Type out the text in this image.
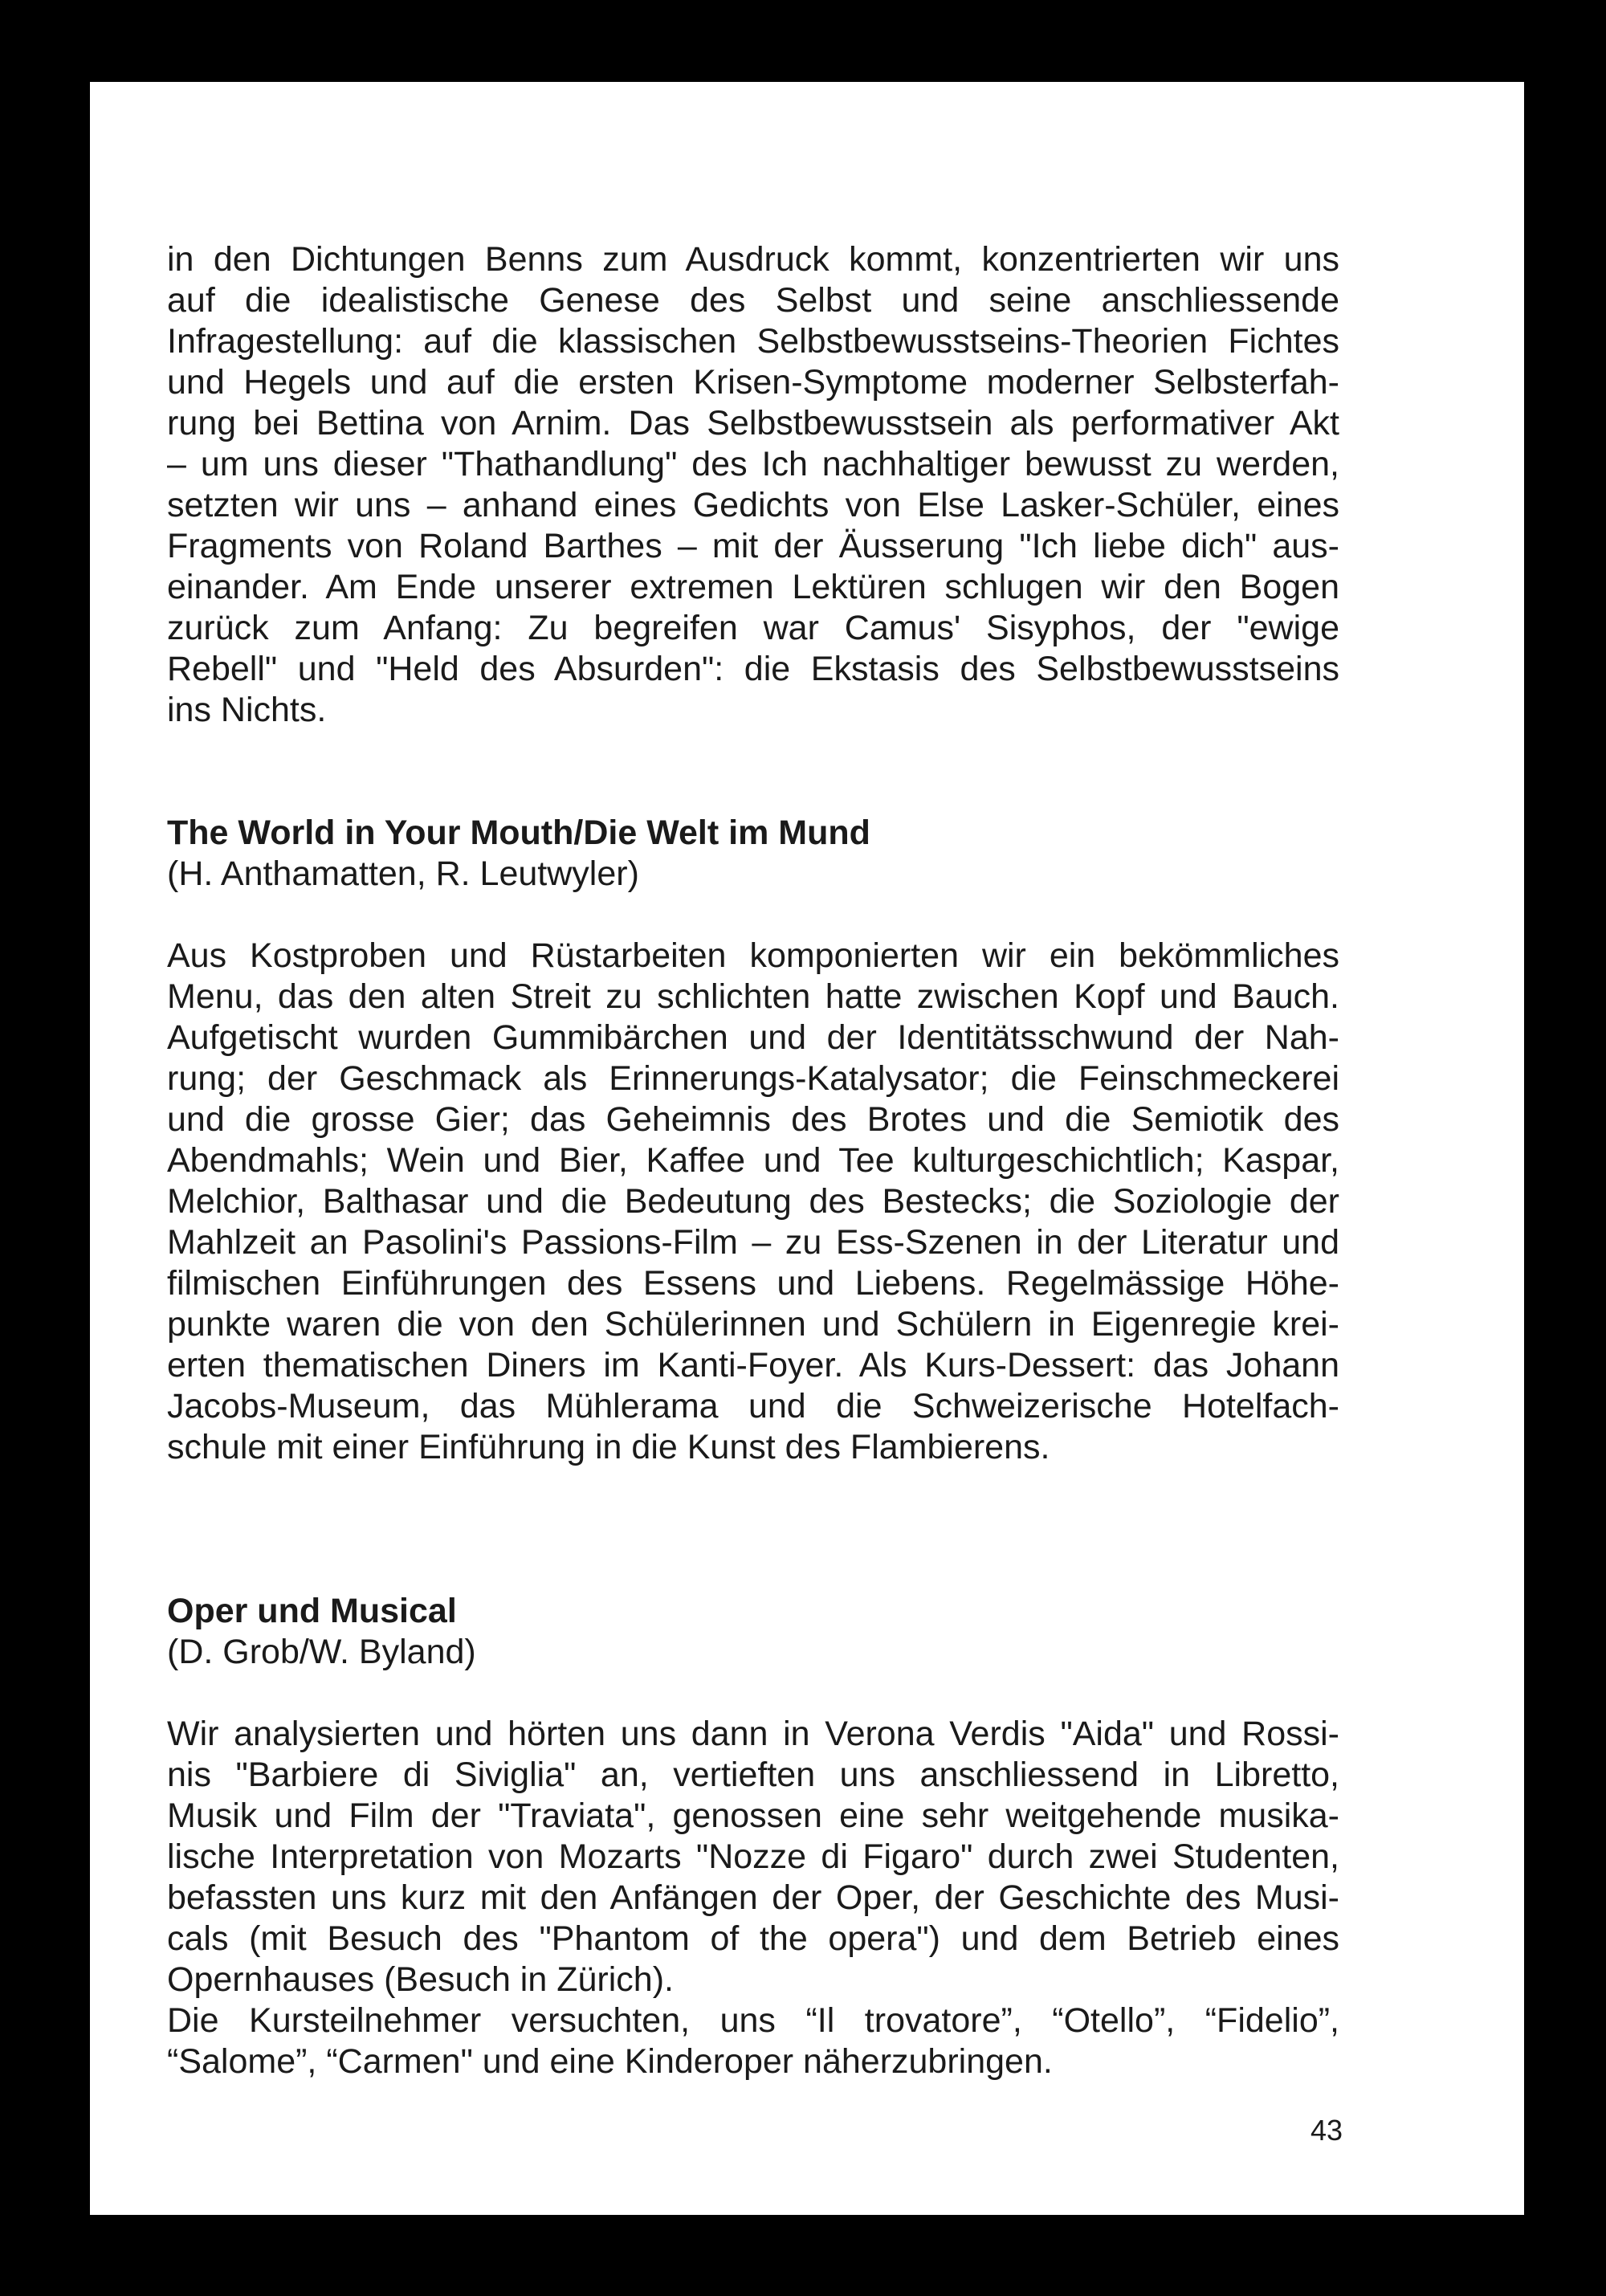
in den Dichtungen Benns zum Ausdruck kommt, konzentrierten wir uns
auf die idealistische Genese des Selbst und seine anschliessende
Infragestellung: auf die klassischen Selbstbewusstseins-Theorien Fichtes
und Hegels und auf die ersten Krisen-Symptome moderner Selbsterfah-
rung bei Bettina von Arnim. Das Selbstbewusstsein als performativer Akt
– um uns dieser "Thathandlung" des Ich nachhaltiger bewusst zu werden,
setzten wir uns – anhand eines Gedichts von Else Lasker-Schüler, eines
Fragments von Roland Barthes – mit der Äusserung "Ich liebe dich" aus-
einander. Am Ende unserer extremen Lektüren schlugen wir den Bogen
zurück zum Anfang: Zu begreifen war Camus' Sisyphos, der "ewige
Rebell" und "Held des Absurden": die Ekstasis des Selbstbewusstseins
ins Nichts.

The World in Your Mouth/Die Welt im Mund

(H. Anthamatten, R. Leutwyler)

Aus Kostproben und Rüstarbeiten komponierten wir ein bekömmliches
Menu, das den alten Streit zu schlichten hatte zwischen Kopf und Bauch.
Aufgetischt wurden Gummibärchen und der Identitätsschwund der Nah-
rung; der Geschmack als Erinnerungs-Katalysator; die Feinschmeckerei
und die grosse Gier; das Geheimnis des Brotes und die Semiotik des
Abendmahls; Wein und Bier, Kaffee und Tee kulturgeschichtlich; Kaspar,
Melchior, Balthasar und die Bedeutung des Bestecks; die Soziologie der
Mahlzeit an Pasolini's Passions-Film – zu Ess-Szenen in der Literatur und
filmischen Einführungen des Essens und Liebens. Regelmässige Höhe-
punkte waren die von den Schülerinnen und Schülern in Eigenregie krei-
erten thematischen Diners im Kanti-Foyer. Als Kurs-Dessert: das Johann
Jacobs-Museum, das Mühlerama und die Schweizerische Hotelfach-
schule mit einer Einführung in die Kunst des Flambierens.

Oper und Musical

(D. Grob/W. Byland)

Wir analysierten und hörten uns dann in Verona Verdis "Aida" und Rossi-
nis "Barbiere di Siviglia" an, vertieften uns anschliessend in Libretto,
Musik und Film der "Traviata", genossen eine sehr weitgehende musika-
lische Interpretation von Mozarts "Nozze di Figaro" durch zwei Studenten,
befassten uns kurz mit den Anfängen der Oper, der Geschichte des Musi-
cals (mit Besuch des "Phantom of the opera") und dem Betrieb eines
Opernhauses (Besuch in Zürich).
Die Kursteilnehmer versuchten, uns “Il trovatore”, “Otello”, “Fidelio”,
“Salome”, “Carmen" und eine Kinderoper näherzubringen.
43
